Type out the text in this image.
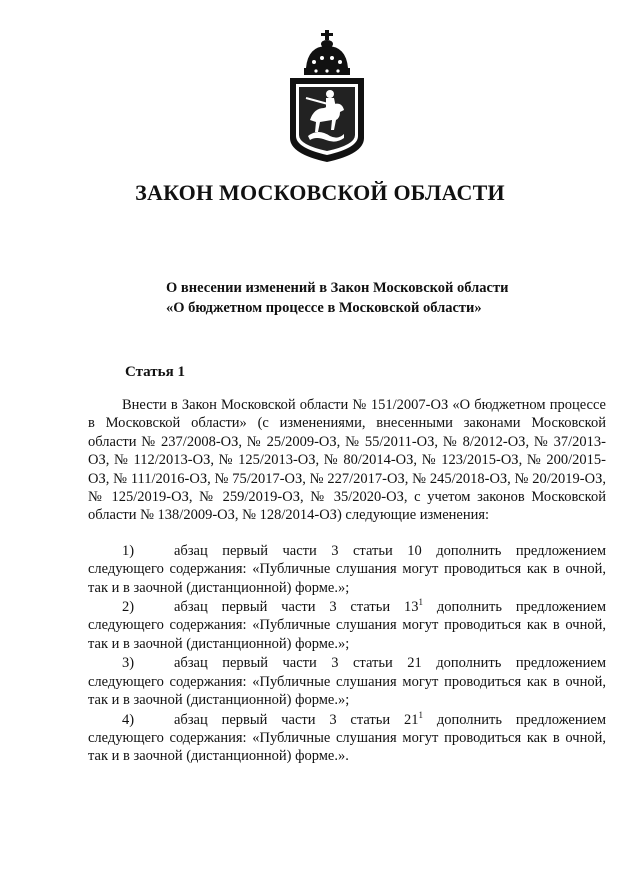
ЗАКОН МОСКОВСКОЙ ОБЛАСТИ
О внесении изменений в Закон Московской области
«О бюджетном процессе в Московской области»
Статья 1

Внести в Закон Московской области № 151/2007-ОЗ «О бюджетном процессе в Московской области» (с изменениями, внесенными законами Московской области № 237/2008-ОЗ, № 25/2009-ОЗ, № 55/2011-ОЗ, № 8/2012-ОЗ, № 37/2013-ОЗ, № 112/2013-ОЗ, № 125/2013-ОЗ, № 80/2014-ОЗ, № 123/2015-ОЗ, № 200/2015-ОЗ, № 111/2016-ОЗ, № 75/2017-ОЗ, № 227/2017-ОЗ, № 245/2018-ОЗ, № 20/2019-ОЗ, № 125/2019-ОЗ, № 259/2019-ОЗ, № 35/2020-ОЗ, с учетом законов Московской области № 138/2009-ОЗ, № 128/2014-ОЗ) следующие изменения:

1)	абзац первый части 3 статьи 10 дополнить предложением следующего содержания: «Публичные слушания могут проводиться как в очной, так и в заочной (дистанционной) форме.»;
2)	абзац первый части 3 статьи $13^1$ дополнить предложением следующего содержания: «Публичные слушания могут проводиться как в очной, так и в заочной (дистанционной) форме.»;
3)	абзац первый части 3 статьи 21 дополнить предложением следующего содержания: «Публичные слушания могут проводиться как в очной, так и в заочной (дистанционной) форме.»;
4)	абзац первый части 3 статьи $21^1$ дополнить предложением следующего содержания: «Публичные слушания могут проводиться как в очной, так и в заочной (дистанционной) форме.».
